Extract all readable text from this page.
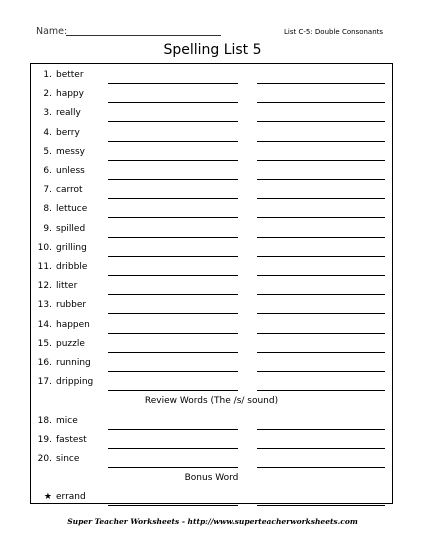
Name:	List C-5: Double Consonants
Spelling List 5
1. better
2. happy
3. really
4. berry
5. messy
6. unless
7. carrot
8. lettuce
9. spilled
10. grilling
11. dribble
12. litter
13. rubber
14. happen
15. puzzle
16. running
17. dripping
Review Words (The /s/ sound)
18. mice
19. fastest
20. since
Bonus Word
★ errand
Super Teacher Worksheets - http://www.superteacherworksheets.com
